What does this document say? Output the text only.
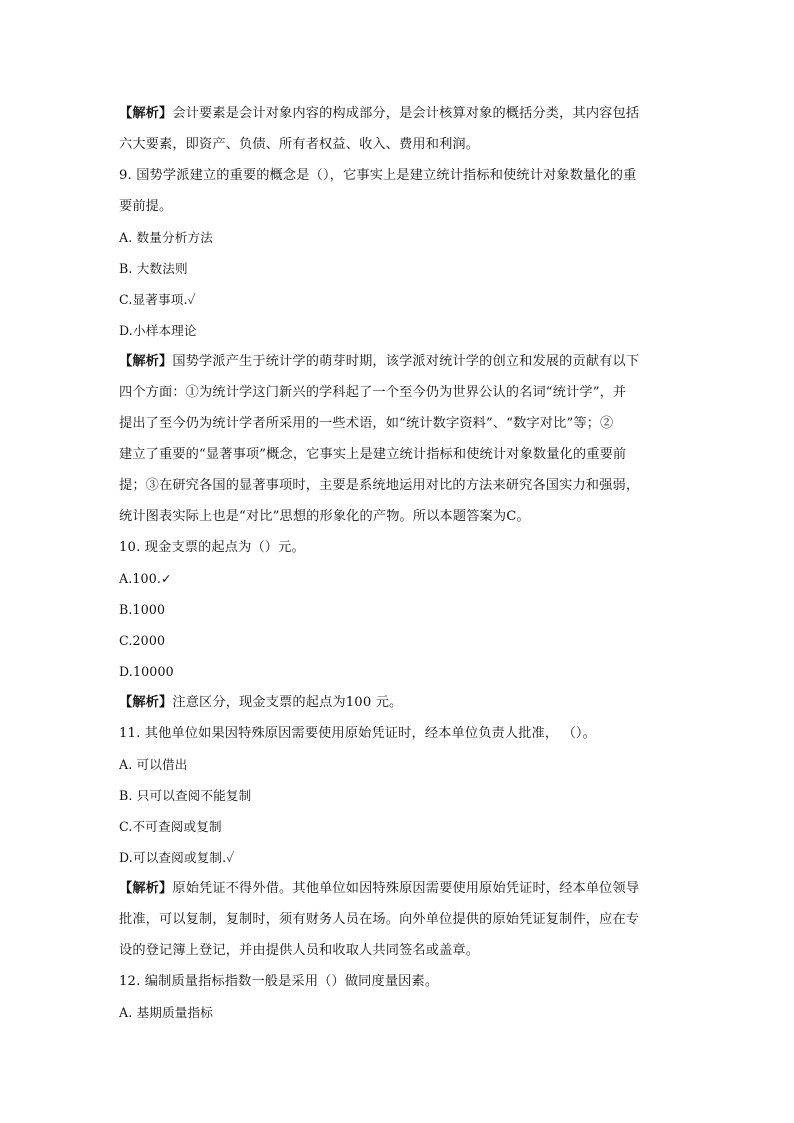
【解析】会计要素是会计对象内容的构成部分，是会计核算对象的概括分类，其内容包括
六大要素，即资产、负债、所有者权益、收入、费用和利润。
9. 国势学派建立的重要的概念是（），它事实上是建立统计指标和使统计对象数量化的重
要前提。
A. 数量分析方法
B. 大数法则
C.显著事项.✓
D.小样本理论
【解析】国势学派产生于统计学的萌芽时期，该学派对统计学的创立和发展的贡献有以下
四个方面：①为统计学这门新兴的学科起了一个至今仍为世界公认的名词“统计学”，并
提出了至今仍为统计学者所采用的一些术语，如“统计数字资料”、“数字对比”等；②
建立了重要的“显著事项”概念，它事实上是建立统计指标和使统计对象数量化的重要前
提；③在研究各国的显著事项时，主要是系统地运用对比的方法来研究各国实力和强弱，
统计图表实际上也是“对比”思想的形象化的产物。所以本题答案为C。
10. 现金支票的起点为（）元。
A.100.✓
B.1000
C.2000
D.10000
【解析】注意区分，现金支票的起点为100 元。
11. 其他单位如果因特殊原因需要使用原始凭证时，经本单位负责人批准， （）。
A. 可以借出
B. 只可以查阅不能复制
C.不可查阅或复制
D.可以查阅或复制.✓
【解析】原始凭证不得外借。其他单位如因特殊原因需要使用原始凭证时，经本单位领导
批准，可以复制，复制时，须有财务人员在场。向外单位提供的原始凭证复制件，应在专
设的登记簿上登记，并由提供人员和收取人共同签名或盖章。
12. 编制质量指标指数一般是采用（）做同度量因素。
A. 基期质量指标
